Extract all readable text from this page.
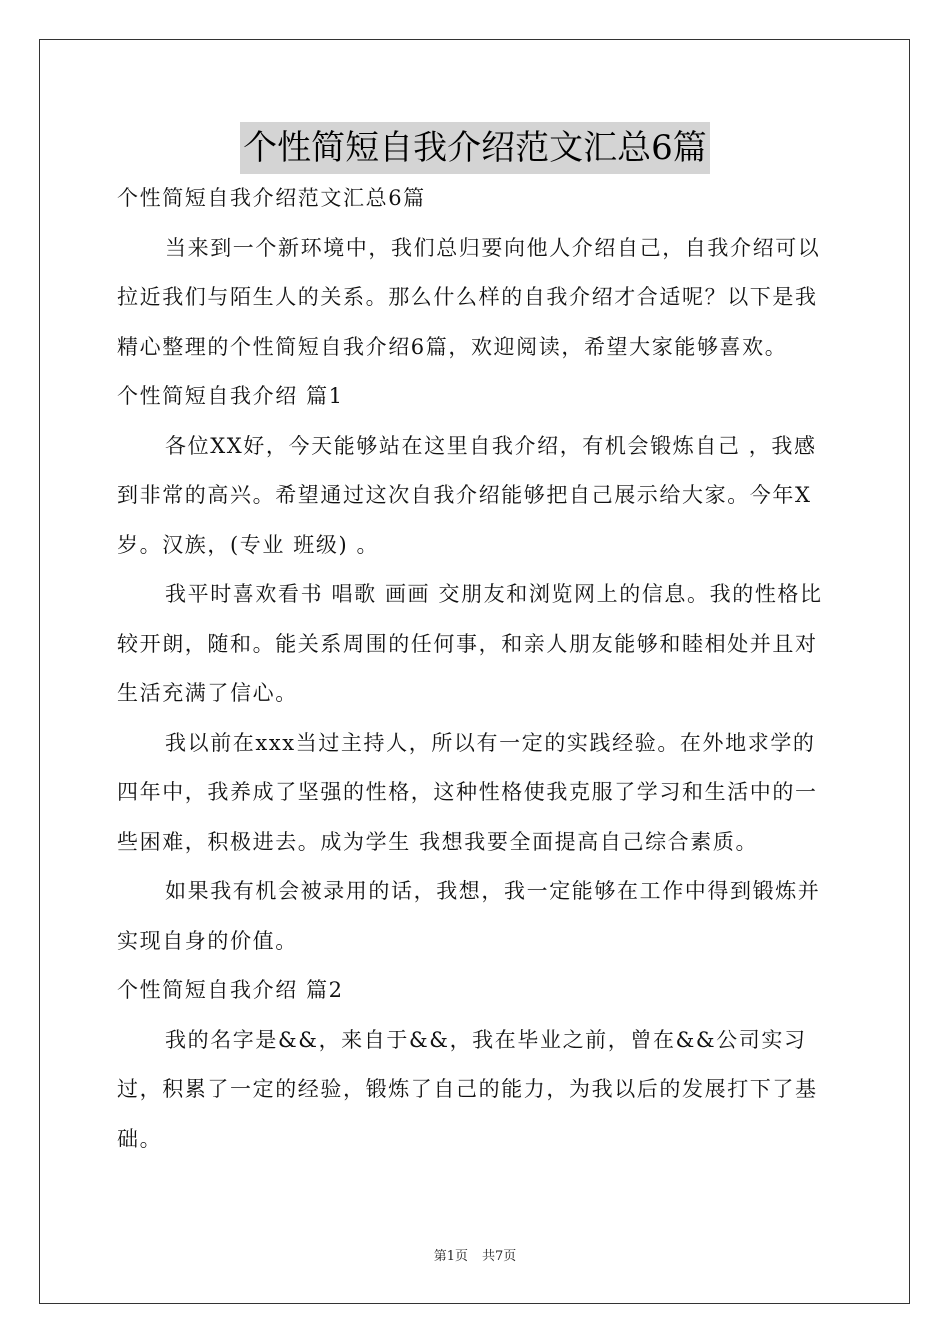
个性简短自我介绍范文汇总6篇

个性简短自我介绍范文汇总6篇

当来到一个新环境中，我们总归要向他人介绍自己，自我介绍可以拉近我们与陌生人的关系。那么什么样的自我介绍才合适呢？以下是我精心整理的个性简短自我介绍6篇，欢迎阅读，希望大家能够喜欢。

个性简短自我介绍 篇1

各位XX好，今天能够站在这里自我介绍，有机会锻炼自己 ，我感到非常的高兴。希望通过这次自我介绍能够把自己展示给大家。今年X岁。汉族，(专业 班级) 。

我平时喜欢看书 唱歌 画画 交朋友和浏览网上的信息。我的性格比较开朗，随和。能关系周围的任何事，和亲人朋友能够和睦相处并且对生活充满了信心。

我以前在xxx当过主持人，所以有一定的实践经验。在外地求学的四年中，我养成了坚强的性格，这种性格使我克服了学习和生活中的一些困难，积极进去。成为学生 我想我要全面提高自己综合素质。

如果我有机会被录用的话，我想，我一定能够在工作中得到锻炼并实现自身的价值。

个性简短自我介绍 篇2

我的名字是&&，来自于&&，我在毕业之前，曾在&&公司实习过，积累了一定的经验，锻炼了自己的能力，为我以后的发展打下了基础。

第1页 共7页
